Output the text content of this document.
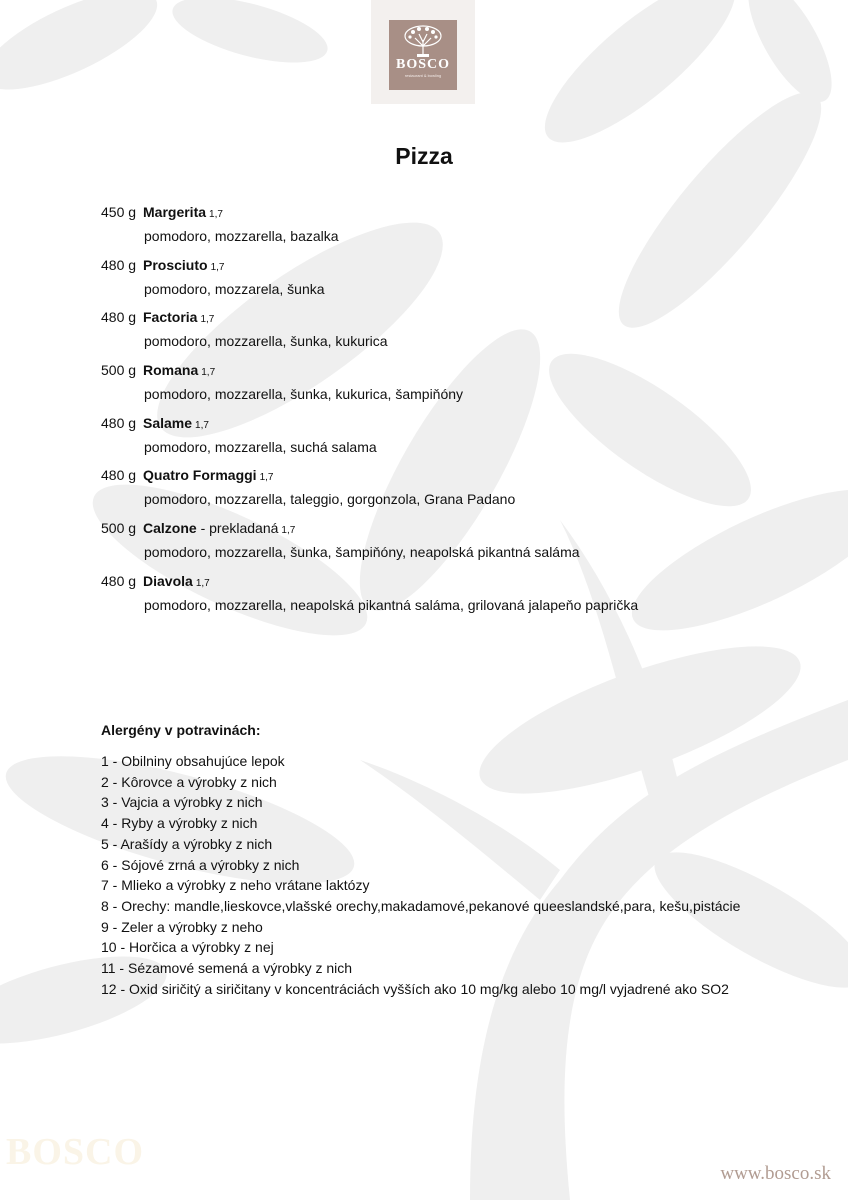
BOSCO
restaurant & bowling
Pizza
450 g Margerita 1,7
pomodoro, mozzarella, bazalka
480 g Prosciuto 1,7
pomodoro, mozzarela, šunka
480 g Factoria 1,7
pomodoro, mozzarella, šunka, kukurica
500 g Romana 1,7
pomodoro, mozzarella, šunka, kukurica, šampiňóny
480 g Salame 1,7
pomodoro, mozzarella, suchá salama
480 g Quatro Formaggi 1,7
pomodoro, mozzarella, taleggio, gorgonzola, Grana Padano
500 g Calzone - prekladaná 1,7
pomodoro, mozzarella, šunka, šampiňóny, neapolská pikantná saláma
480 g Diavola 1,7
pomodoro, mozzarella, neapolská pikantná saláma, grilovaná jalapeňo paprička
Alergény v potravinách:
1 - Obilniny obsahujúce lepok
2 - Kôrovce a výrobky z nich
3 - Vajcia a výrobky z nich
4 - Ryby a výrobky z nich
5 - Arašídy a výrobky z nich
6 - Sójové zrná a výrobky z nich
7 - Mlieko a výrobky z neho vrátane laktózy
8 - Orechy: mandle,lieskovce,vlašské orechy,makadamové,pekanové queeslandské,para, kešu,pistácie
9 - Zeler a výrobky z neho
10 - Horčica a výrobky z nej
11 - Sézamové semená a výrobky z nich
12 - Oxid siričitý a siričitany v koncentráciách vyšších ako 10 mg/kg alebo 10 mg/l vyjadrené ako SO2
BOSCO
www.bosco.sk
